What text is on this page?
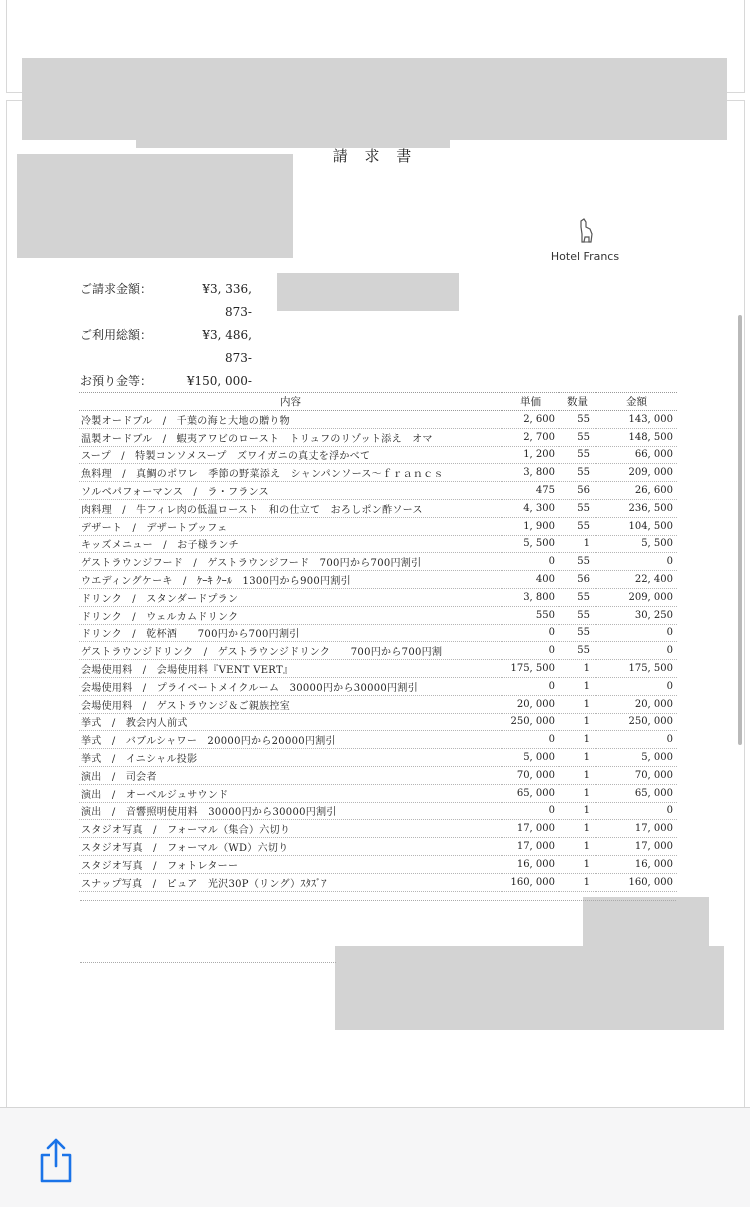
請 求 書
Hotel Francs
ご請求金額：	¥3, 336, 873-
ご利用総額：	¥3, 486, 873-
お預り金等：	¥150, 000-
内容	単価	数量	金額
冷製オードブル　/　千葉の海と大地の贈り物	2, 600	55	143, 000
温製オードブル　/　蝦夷アワビのロースト　トリュフのリゾット添え　オマ	2, 700	55	148, 500
スープ　/　特製コンソメスープ　ズワイガニの真丈を浮かべて	1, 200	55	66, 000
魚料理　/　真鯛のポワレ　季節の野菜添え　シャンパンソース～ｆｒａｎｃｓ	3, 800	55	209, 000
ソルベパフォーマンス　/　ラ・フランス	475	56	26, 600
肉料理　/　牛フィレ肉の低温ロースト　和の仕立て　おろしポン酢ソース	4, 300	55	236, 500
デザート　/　デザートブッフェ	1, 900	55	104, 500
キッズメニュー　/　お子様ランチ	5, 500	1	5, 500
ゲストラウンジフード　/　ゲストラウンジフード　700円から700円割引	0	55	0
ウエディングケーキ　/　ｹｰｷ ｸｰﾙ　1300円から900円割引	400	56	22, 400
ドリンク　/　スタンダードプラン	3, 800	55	209, 000
ドリンク　/　ウェルカムドリンク	550	55	30, 250
ドリンク　/　乾杯酒　　700円から700円割引	0	55	0
ゲストラウンジドリンク　/　ゲストラウンジドリンク　　700円から700円割	0	55	0
会場使用料　/　会場使用料『VENT VERT』	175, 500	1	175, 500
会場使用料　/　プライベートメイクルーム　30000円から30000円割引	0	1	0
会場使用料　/　ゲストラウンジ＆ご親族控室	20, 000	1	20, 000
挙式　/　教会内人前式	250, 000	1	250, 000
挙式　/　バブルシャワー　20000円から20000円割引	0	1	0
挙式　/　イニシャル投影	5, 000	1	5, 000
演出　/　司会者	70, 000	1	70, 000
演出　/　オーベルジュサウンド	65, 000	1	65, 000
演出　/　音響照明使用料　30000円から30000円割引	0	1	0
スタジオ写真　/　フォーマル（集合）六切り	17, 000	1	17, 000
スタジオ写真　/　フォーマル（WD）六切り	17, 000	1	17, 000
スタジオ写真　/　フォトレターー	16, 000	1	16, 000
スナップ写真　/　ピュア　光沢30P（リング）ｽﾀｽﾞｱ	160, 000	1	160, 000
